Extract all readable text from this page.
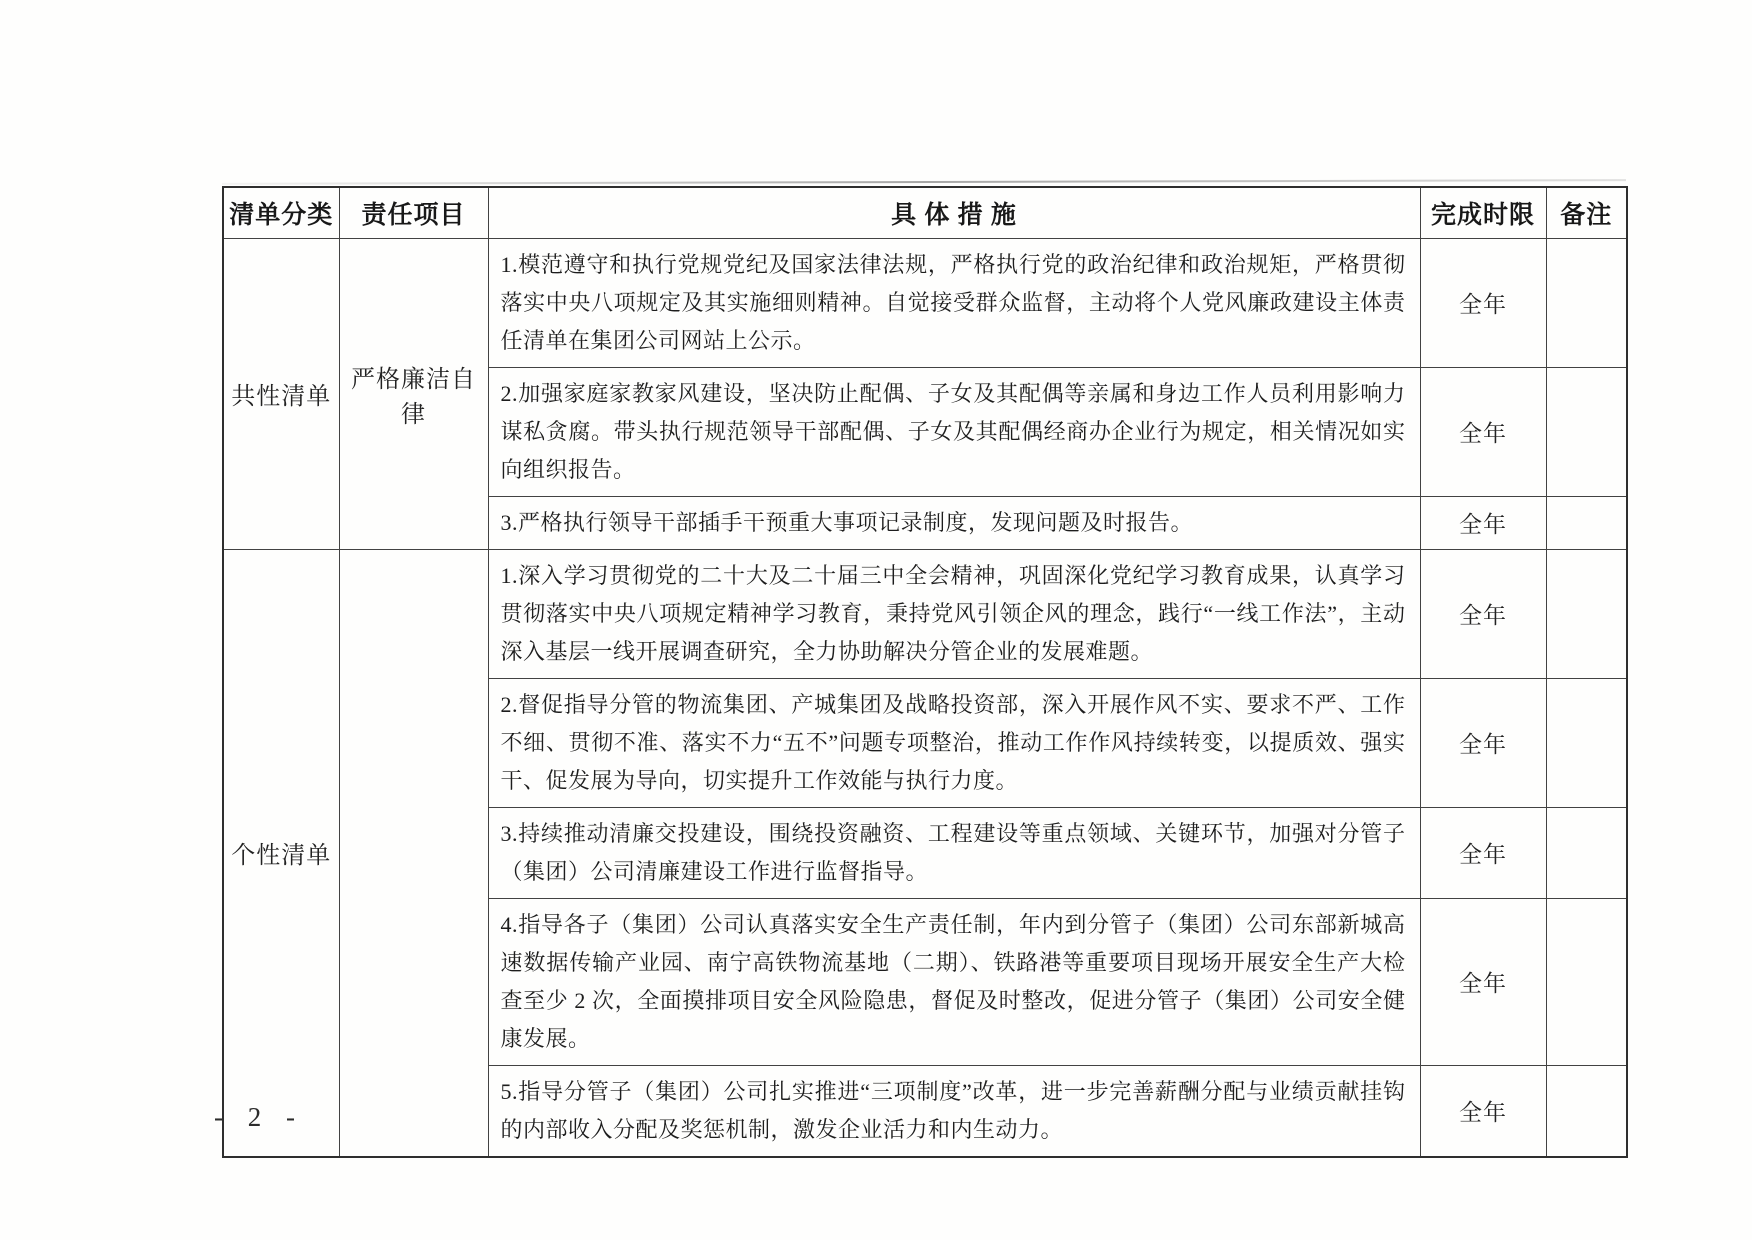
清单分类	责任项目	具 体 措 施	完成时限	备注
共性清单	严格廉洁自律	1.模范遵守和执行党规党纪及国家法律法规，严格执行党的政治纪律和政治规矩，严格贯彻落实中央八项规定及其实施细则精神。自觉接受群众监督，主动将个人党风廉政建设主体责任清单在集团公司网站上公示。	全年	
		2.加强家庭家教家风建设，坚决防止配偶、子女及其配偶等亲属和身边工作人员利用影响力谋私贪腐。带头执行规范领导干部配偶、子女及其配偶经商办企业行为规定，相关情况如实向组织报告。	全年	
		3.严格执行领导干部插手干预重大事项记录制度，发现问题及时报告。	全年	
个性清单		1.深入学习贯彻党的二十大及二十届三中全会精神，巩固深化党纪学习教育成果，认真学习贯彻落实中央八项规定精神学习教育，秉持党风引领企风的理念，践行“一线工作法”，主动深入基层一线开展调查研究，全力协助解决分管企业的发展难题。	全年	
		2.督促指导分管的物流集团、产城集团及战略投资部，深入开展作风不实、要求不严、工作不细、贯彻不准、落实不力“五不”问题专项整治，推动工作作风持续转变，以提质效、强实干、促发展为导向，切实提升工作效能与执行力度。	全年	
		3.持续推动清廉交投建设，围绕投资融资、工程建设等重点领域、关键环节，加强对分管子（集团）公司清廉建设工作进行监督指导。	全年	
		4.指导各子（集团）公司认真落实安全生产责任制，年内到分管子（集团）公司东部新城高速数据传输产业园、南宁高铁物流基地（二期）、铁路港等重要项目现场开展安全生产大检查至少 2 次，全面摸排项目安全风险隐患，督促及时整改，促进分管子（集团）公司安全健康发展。	全年	
		5.指导分管子（集团）公司扎实推进“三项制度”改革，进一步完善薪酬分配与业绩贡献挂钩的内部收入分配及奖惩机制，激发企业活力和内生动力。	全年	
- 2 -
